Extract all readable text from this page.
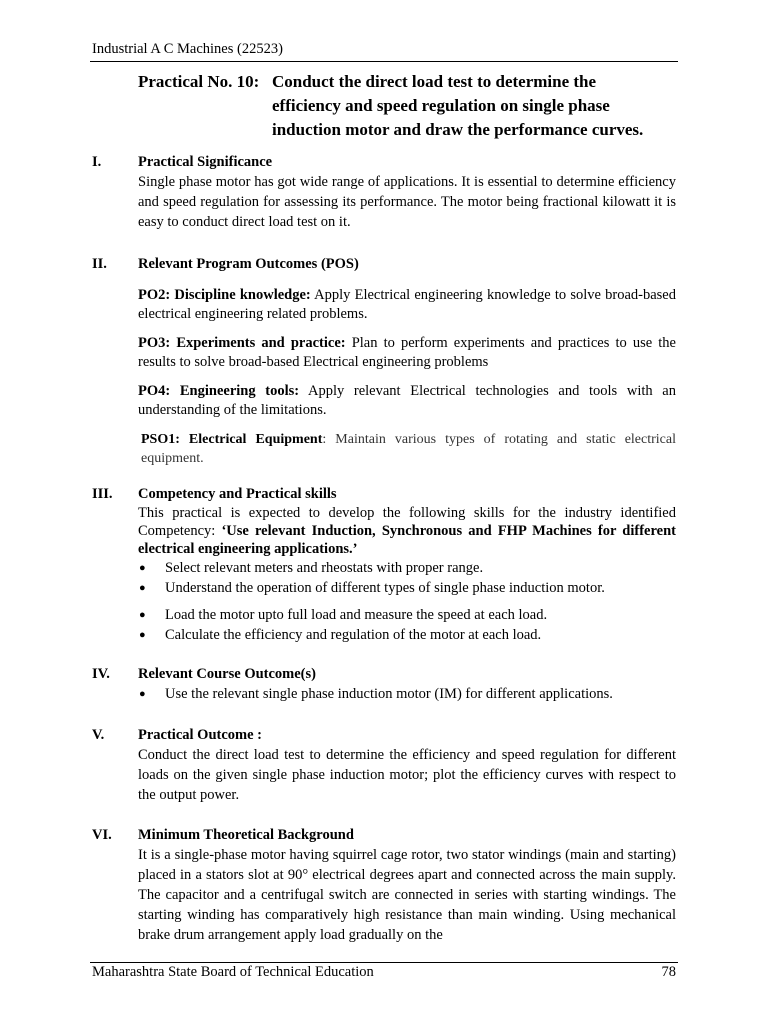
Industrial A C Machines (22523)
Practical No. 10: Conduct the direct load test to determine the
efficiency and speed regulation on single phase
induction motor and draw the performance curves.
I.	Practical Significance
Single phase motor has got wide range of applications. It is essential to determine efficiency and speed regulation for assessing its performance. The motor being fractional kilowatt it is easy to conduct direct load test on it.
II. Relevant Program Outcomes (POS)
PO2: Discipline knowledge: Apply Electrical engineering knowledge to solve broad-based electrical engineering related problems.
PO3: Experiments and practice: Plan to perform experiments and practices to use the results to solve broad-based Electrical engineering problems
PO4: Engineering tools: Apply relevant Electrical technologies and tools with an understanding of the limitations.
PSO1: Electrical Equipment: Maintain various types of rotating and static electrical equipment.
III. Competency and Practical skills
This practical is expected to develop the following skills for the industry identified Competency: ‘Use relevant Induction, Synchronous and FHP Machines for different electrical engineering applications.’
● Select relevant meters and rheostats with proper range.
● Understand the operation of different types of single phase induction motor.
● Load the motor upto full load and measure the speed at each load.
● Calculate the efficiency and regulation of the motor at each load.
IV. Relevant Course Outcome(s)
● Use the relevant single phase induction motor (IM) for different applications.
V. Practical Outcome :
Conduct the direct load test to determine the efficiency and speed regulation for different loads on the given single phase induction motor; plot the efficiency curves with respect to the output power.
VI. Minimum Theoretical Background
It is a single-phase motor having squirrel cage rotor, two stator windings (main and starting) placed in a stators slot at 90° electrical degrees apart and connected across the main supply. The capacitor and a centrifugal switch are connected in series with starting windings. The starting winding has comparatively high resistance than main winding. Using mechanical brake drum arrangement apply load gradually on the
Maharashtra State Board of Technical Education	78
